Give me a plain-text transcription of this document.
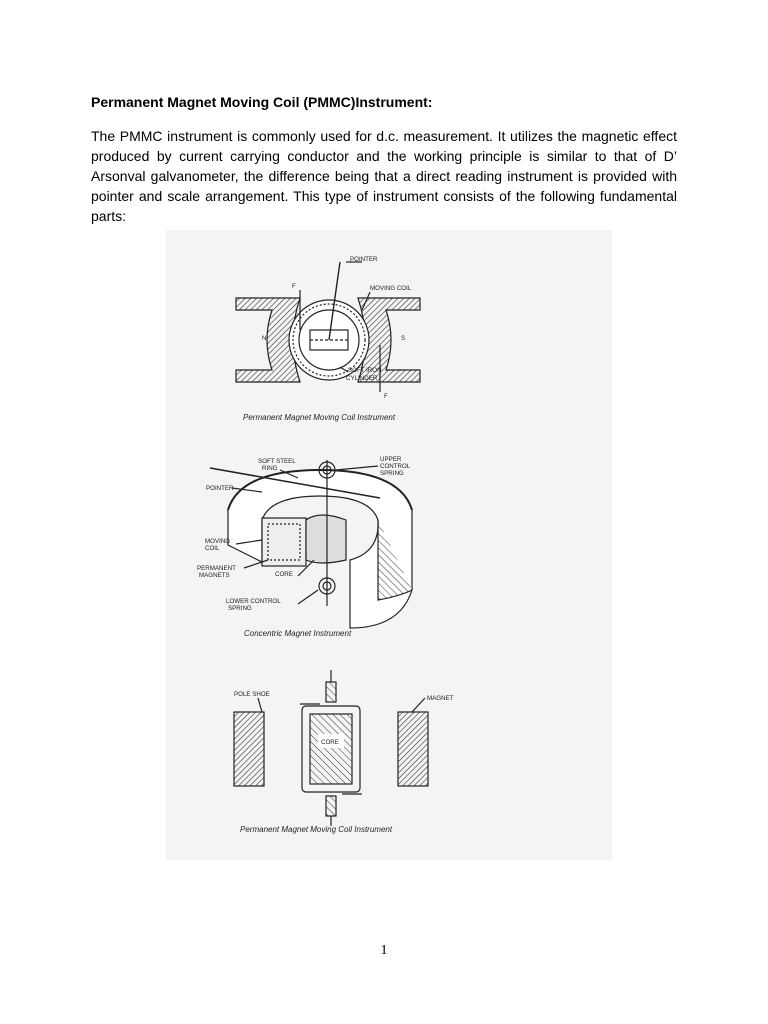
Permanent Magnet Moving Coil (PMMC)Instrument:

The PMMC instrument is commonly used for d.c. measurement. It utilizes the magnetic effect produced by current carrying conductor and the working principle is similar to that of D’ Arsonval galvanometer, the difference being that a direct reading instrument is provided with pointer and scale arrangement. This type of instrument consists of the following fundamental parts:

POINTER
MOVING COIL
F
N	S
SOFT IRON
CYLINDER
F
Permanent Magnet Moving Coil Instrument
SOFT STEEL
RING
UPPER
CONTROL
SPRING
POINTER
MOVING
COIL
PERMANENT
MAGNETS	CORE
LOWER CONTROL
SPRING
Concentric Magnet Instrument
POLE SHOE
MAGNET
CORE
Permanent Magnet Moving Coil Instrument

1
